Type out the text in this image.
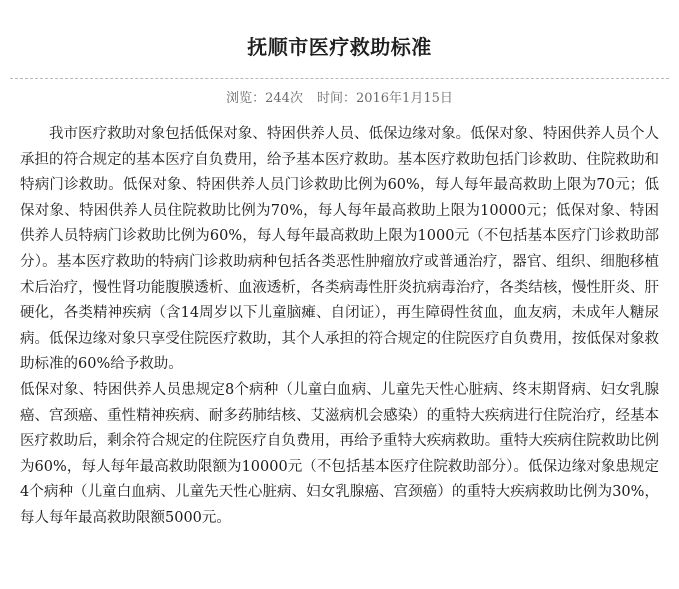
抚顺市医疗救助标准
浏览：244次 时间：2016年1月15日

我市医疗救助对象包括低保对象、特困供养人员、低保边缘对象。低保对象、特困供养人员个人承担的符合规定的基本医疗自负费用，给予基本医疗救助。基本医疗救助包括门诊救助、住院救助和特病门诊救助。低保对象、特困供养人员门诊救助比例为60%，每人每年最高救助上限为70元；低保对象、特困供养人员住院救助比例为70%，每人每年最高救助上限为10000元；低保对象、特困供养人员特病门诊救助比例为60%，每人每年最高救助上限为1000元（不包括基本医疗门诊救助部分）。基本医疗救助的特病门诊救助病种包括各类恶性肿瘤放疗或普通治疗，器官、组织、细胞移植术后治疗，慢性肾功能腹膜透析、血液透析，各类病毒性肝炎抗病毒治疗，各类结核，慢性肝炎、肝硬化，各类精神疾病（含14周岁以下儿童脑瘫、自闭证），再生障碍性贫血，血友病，未成年人糖尿病。低保边缘对象只享受住院医疗救助，其个人承担的符合规定的住院医疗自负费用，按低保对象救助标准的60%给予救助。

低保对象、特困供养人员患规定8个病种（儿童白血病、儿童先天性心脏病、终末期肾病、妇女乳腺癌、宫颈癌、重性精神疾病、耐多药肺结核、艾滋病机会感染）的重特大疾病进行住院治疗，经基本医疗救助后，剩余符合规定的住院医疗自负费用，再给予重特大疾病救助。重特大疾病住院救助比例为60%，每人每年最高救助限额为10000元（不包括基本医疗住院救助部分）。低保边缘对象患规定4个病种（儿童白血病、儿童先天性心脏病、妇女乳腺癌、宫颈癌）的重特大疾病救助比例为30%，每人每年最高救助限额5000元。
